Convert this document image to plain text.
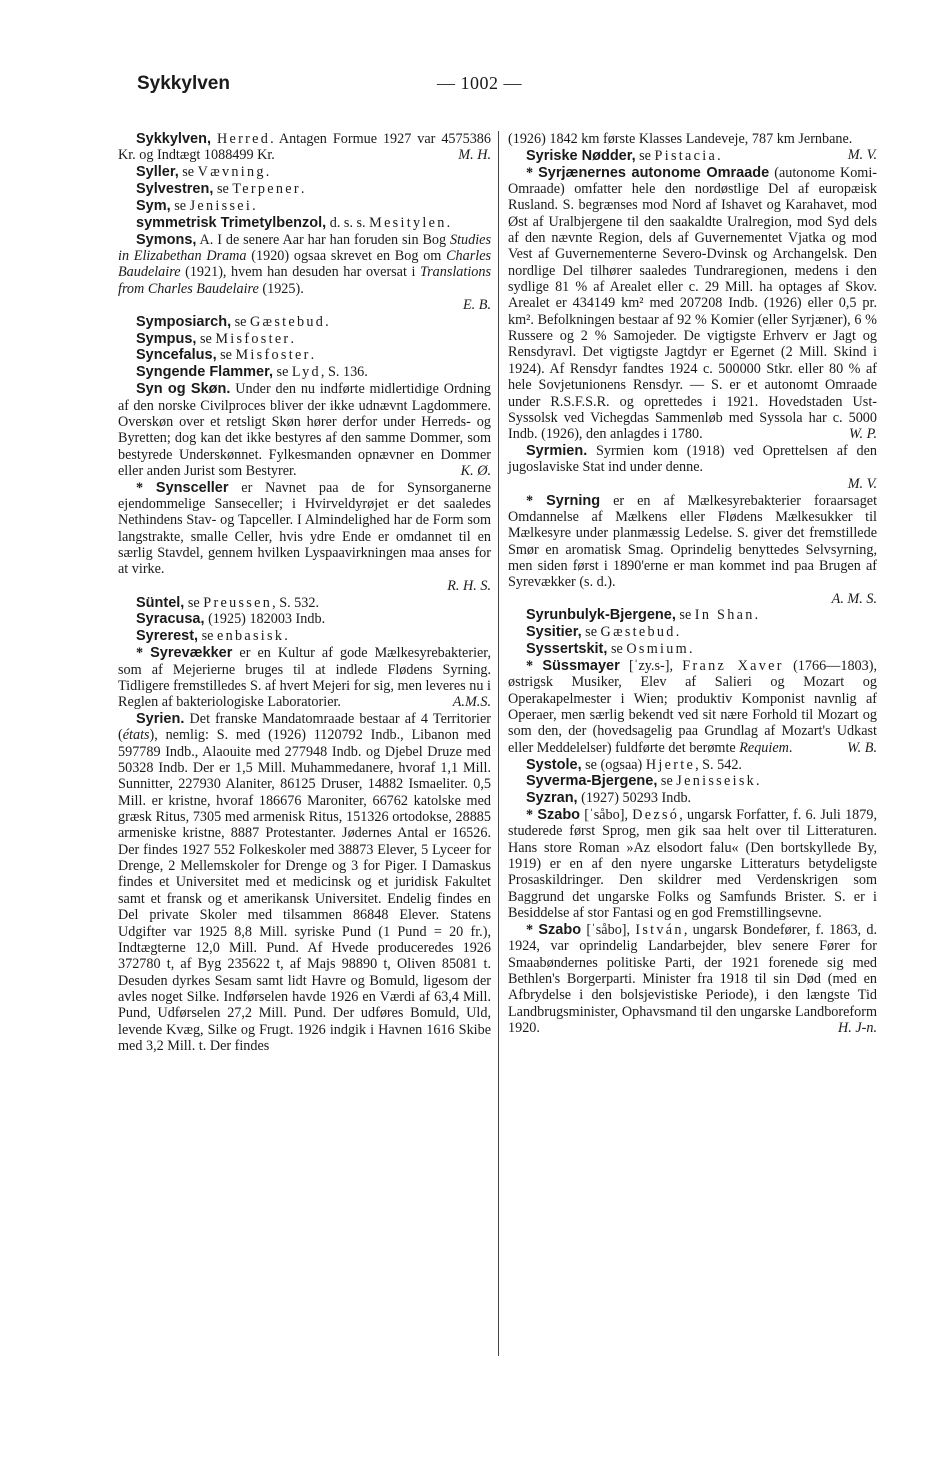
Sykkylven	— 1002 —

Sykkylven, Herred. Antagen Formue 1927 var 4575386 Kr. og Indtægt 1088499 Kr.	M. H.

Syller, se Vævning.

Sylvestren, se Terpener.

Sym, se Jenissei.

symmetrisk Trimetylbenzol, d. s. s. Mesitylen.

Symons, A. I de senere Aar har han foruden sin Bog Studies in Elizabethan Drama (1920) ogsaa skrevet en Bog om Charles Baudelaire (1921), hvem han desuden har oversat i Translations from Charles Baudelaire (1925).

E. B.

Symposiarch, se Gæstebud.

Sympus, se Misfoster.

Syncefalus, se Misfoster.

Syngende Flammer, se Lyd, S. 136.

Syn og Skøn. Under den nu indførte midlertidige Ordning af den norske Civilproces bliver der ikke udnævnt Lagdommere. Overskøn over et retsligt Skøn hører derfor under Herreds- og Byretten; dog kan det ikke bestyres af den samme Dommer, som bestyrede Underskønnet. Fylkesmanden opnævner en Dommer eller anden Jurist som Bestyrer.	K. Ø.

* Synsceller er Navnet paa de for Synsorganerne ejendommelige Sanseceller; i Hvirveldyrøjet er det saaledes Nethindens Stav- og Tapceller. I Almindelighed har de Form som langstrakte, smalle Celler, hvis ydre Ende er omdannet til en særlig Stavdel, gennem hvilken Lyspaavirkningen maa anses for at virke.

R. H. S.

Süntel, se Preussen, S. 532.

Syracusa, (1925) 182003 Indb.

Syrerest, se enbasisk.

* Syrevækker er en Kultur af gode Mælkesyrebakterier, som af Mejerierne bruges til at indlede Flødens Syrning. Tidligere fremstilledes S. af hvert Mejeri for sig, men leveres nu i Reglen af bakteriologiske Laboratorier.	A.M.S.

Syrien. Det franske Mandatomraade bestaar af 4 Territorier (états), nemlig: S. med (1926) 1120792 Indb., Libanon med 597789 Indb., Alaouite med 277948 Indb. og Djebel Druze med 50328 Indb. Der er 1,5 Mill. Muhammedanere, hvoraf 1,1 Mill. Sunnitter, 227930 Alaniter, 86125 Druser, 14882 Ismaeliter. 0,5 Mill. er kristne, hvoraf 186676 Maroniter, 66762 katolske med græsk Ritus, 7305 med armenisk Ritus, 151326 ortodokse, 28885 armeniske kristne, 8887 Protestanter. Jødernes Antal er 16526. Der findes 1927 552 Folkeskoler med 38873 Elever, 5 Lyceer for Drenge, 2 Mellemskoler for Drenge og 3 for Piger. I Damaskus findes et Universitet med et medicinsk og et juridisk Fakultet samt et fransk og et amerikansk Universitet. Endelig findes en Del private Skoler med tilsammen 86848 Elever. Statens Udgifter var 1925 8,8 Mill. syriske Pund (1 Pund = 20 fr.), Indtægterne 12,0 Mill. Pund. Af Hvede produceredes 1926 372780 t, af Byg 235622 t, af Majs 98890 t, Oliven 85081 t. Desuden dyrkes Sesam samt lidt Havre og Bomuld, ligesom der avles noget Silke. Indførselen havde 1926 en Værdi af 63,4 Mill. Pund, Udførselen 27,2 Mill. Pund. Der udføres Bomuld, Uld, levende Kvæg, Silke og Frugt. 1926 indgik i Havnen 1616 Skibe med 3,2 Mill. t. Der findes

(1926) 1842 km første Klasses Landeveje, 787 km Jernbane.
M. V.

Syriske Nødder, se Pistacia.

* Syrjænernes autonome Omraade (autonome Komi-Omraade) omfatter hele den nordøstlige Del af europæisk Rusland. S. begrænses mod Nord af Ishavet og Karahavet, mod Øst af Uralbjergene til den saakaldte Uralregion, mod Syd dels af den nævnte Region, dels af Guvernementet Vjatka og mod Vest af Guvernementerne Severo-Dvinsk og Archangelsk. Den nordlige Del tilhører saaledes Tundraregionen, medens i den sydlige 81 % af Arealet eller c. 29 Mill. ha optages af Skov. Arealet er 434149 km² med 207208 Indb. (1926) eller 0,5 pr. km². Befolkningen bestaar af 92 % Komier (eller Syrjæner), 6 % Russere og 2 % Samojeder. De vigtigste Erhverv er Jagt og Rensdyravl. Det vigtigste Jagtdyr er Egernet (2 Mill. Skind i 1924). Af Rensdyr fandtes 1924 c. 500000 Stkr. eller 80 % af hele Sovjetunionens Rensdyr. — S. er et autonomt Omraade under R.S.F.S.R. og oprettedes i 1921. Hovedstaden Ust-Syssolsk ved Vichegdas Sammenløb med Syssola har c. 5000 Indb. (1926), den anlagdes i 1780.	W. P.

Syrmien. Syrmien kom (1918) ved Oprettelsen af den jugoslaviske Stat ind under denne.

M. V.

* Syrning er en af Mælkesyrebakterier foraarsaget Omdannelse af Mælkens eller Flødens Mælkesukker til Mælkesyre under planmæssig Ledelse. S. giver det fremstillede Smør en aromatisk Smag. Oprindelig benyttedes Selvsyrning, men siden først i 1890'erne er man kommet ind paa Brugen af Syrevækker (s. d.).

A. M. S.

Syrunbulyk-Bjergene, se In Shan.

Sysitier, se Gæstebud.

Syssertskit, se Osmium.

* Süssmayer [ˈzy.s-], Franz Xaver (1766—1803), østrigsk Musiker, Elev af Salieri og Mozart og Operakapelmester i Wien; produktiv Komponist navnlig af Operaer, men særlig bekendt ved sit nære Forhold til Mozart og som den, der (hovedsagelig paa Grundlag af Mozart's Udkast eller Meddelelser) fuldførte det berømte Requiem.	W. B.

Systole, se (ogsaa) Hjerte, S. 542.

Syverma-Bjergene, se Jenisseisk.

Syzran, (1927) 50293 Indb.

* Szabo [ˈsåbo], Dezsó, ungarsk Forfatter, f. 6. Juli 1879, studerede først Sprog, men gik saa helt over til Litteraturen. Hans store Roman »Az elsodort falu« (Den bortskyllede By, 1919) er en af den nyere ungarske Litteraturs betydeligste Prosaskildringer. Den skildrer med Verdenskrigen som Baggrund det ungarske Folks og Samfunds Brister. S. er i Besiddelse af stor Fantasi og en god Fremstillingsevne.

* Szabo [ˈsåbo], István, ungarsk Bondefører, f. 1863, d. 1924, var oprindelig Landarbejder, blev senere Fører for Smaabøndernes politiske Parti, der 1921 forenede sig med Bethlen's Borgerparti. Minister fra 1918 til sin Død (med en Afbrydelse i den bolsjevistiske Periode), i den længste Tid Landbrugsminister, Ophavsmand til den ungarske Landboreform 1920.	H. J-n.
